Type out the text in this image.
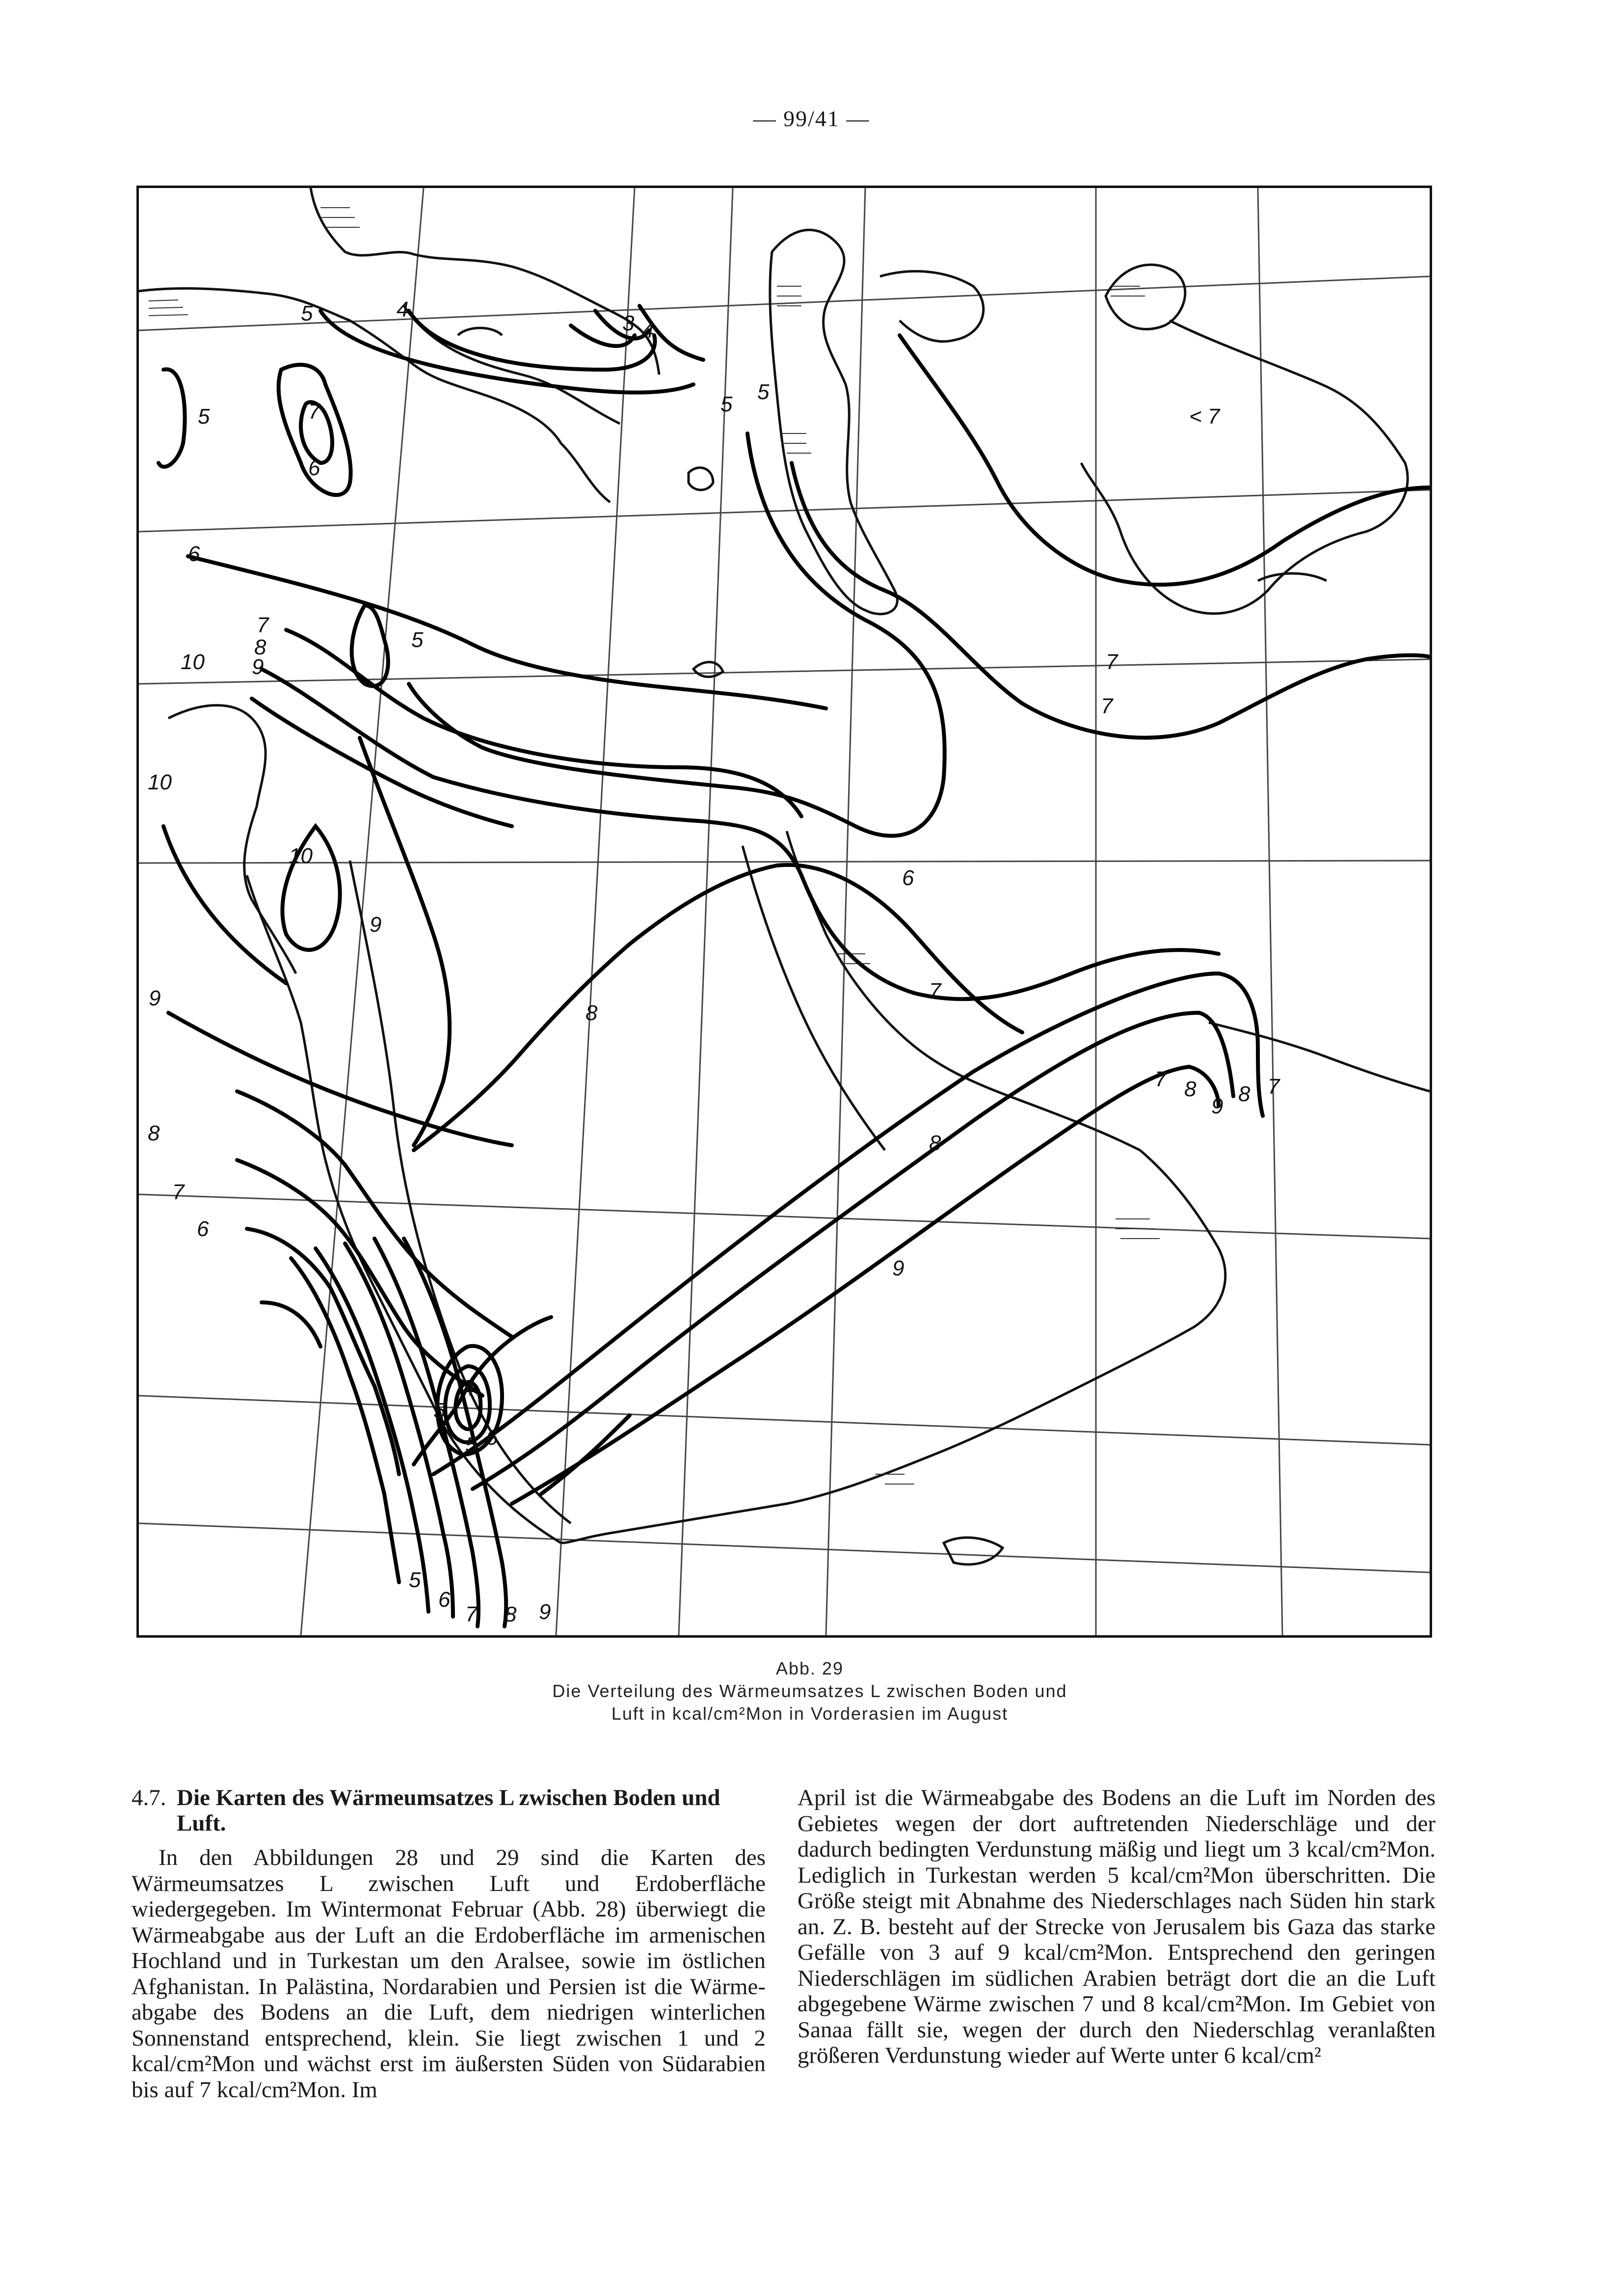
— 99/41 —
5	4
3 4
5
5	7
6
6
5
7
8
9
10
10
10
9
9
8
8
7
6
7
7
7
8
9
8 7
6
5
4
5 6
5
5
6
7 8 9
9
8
7
< 7
Abb. 29
Die Verteilung des Wärmeumsatzes L zwischen Boden und
Luft in kcal/cm²Mon in Vorderasien im August

4.7. Die Karten des Wärmeumsatzes L zwischen Boden und Luft.

In den Abbildungen 28 und 29 sind die Karten des Wärmeumsatzes L zwischen Luft und Erdoberfläche wiedergegeben. Im Wintermonat Februar (Abb. 28) überwiegt die Wärmeabgabe aus der Luft an die Erdoberfläche im armenischen Hochland und in Turkestan um den Aralsee, sowie im östlichen Afghanistan. In Palästina, Nordarabien und Persien ist die Wärmeabgabe des Bodens an die Luft, dem niedrigen winterlichen Sonnenstand entsprechend, klein. Sie liegt zwischen 1 und 2 kcal/cm²Mon und wächst erst im äußersten Süden von Südarabien bis auf 7 kcal/cm²Mon. Im

April ist die Wärmeabgabe des Bodens an die Luft im Norden des Gebietes wegen der dort auftretenden Niederschläge und der dadurch bedingten Verdunstung mäßig und liegt um 3 kcal/cm²Mon. Lediglich in Turkestan werden 5 kcal/cm²Mon überschritten. Die Größe steigt mit Abnahme des Niederschlages nach Süden hin stark an. Z. B. besteht auf der Strecke von Jerusalem bis Gaza das starke Gefälle von 3 auf 9 kcal/cm²Mon. Entsprechend den geringen Niederschlägen im südlichen Arabien beträgt dort die an die Luft abgegebene Wärme zwischen 7 und 8 kcal/cm²Mon. Im Gebiet von Sanaa fällt sie, wegen der durch den Niederschlag veranlaßten größeren Verdunstung wieder auf Werte unter 6 kcal/cm²
